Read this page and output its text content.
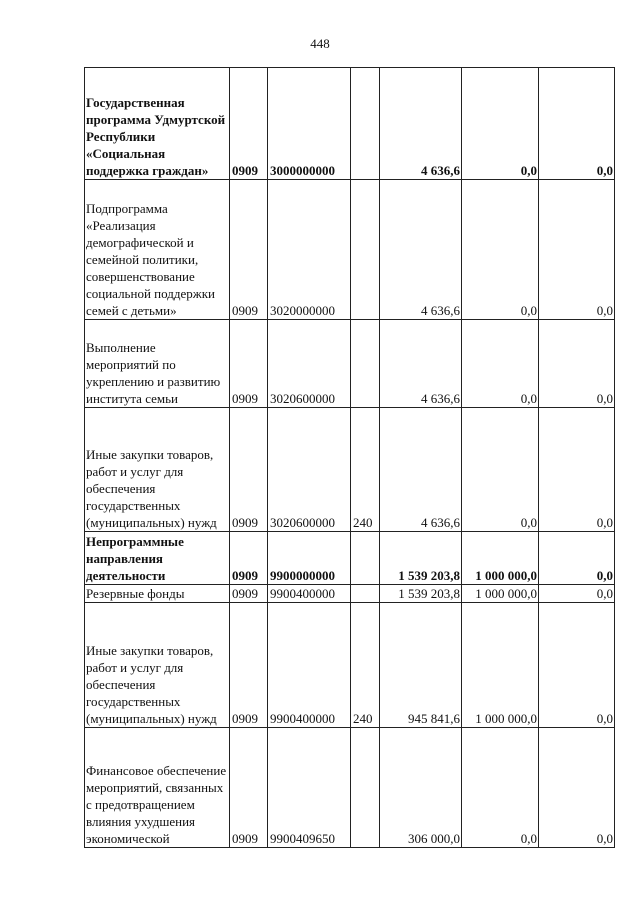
448
Государственная программа Удмуртской Республики «Социальная поддержка граждан»	0909	3000000000		4 636,6	0,0	0,0
Подпрограмма «Реализация демографической и семейной политики, совершенствование социальной поддержки семей с детьми»	0909	3020000000		4 636,6	0,0	0,0
Выполнение мероприятий по укреплению и развитию института семьи	0909	3020600000		4 636,6	0,0	0,0
Иные закупки товаров, работ и услуг для обеспечения государственных (муниципальных) нужд	0909	3020600000	240	4 636,6	0,0	0,0
Непрограммные направления деятельности	0909	9900000000		1 539 203,8	1 000 000,0	0,0
Резервные фонды	0909	9900400000		1 539 203,8	1 000 000,0	0,0
Иные закупки товаров, работ и услуг для обеспечения государственных (муниципальных) нужд	0909	9900400000	240	945 841,6	1 000 000,0	0,0
Финансовое обеспечение мероприятий, связанных с предотвращением влияния ухудшения экономической	0909	9900409650		306 000,0	0,0	0,0
